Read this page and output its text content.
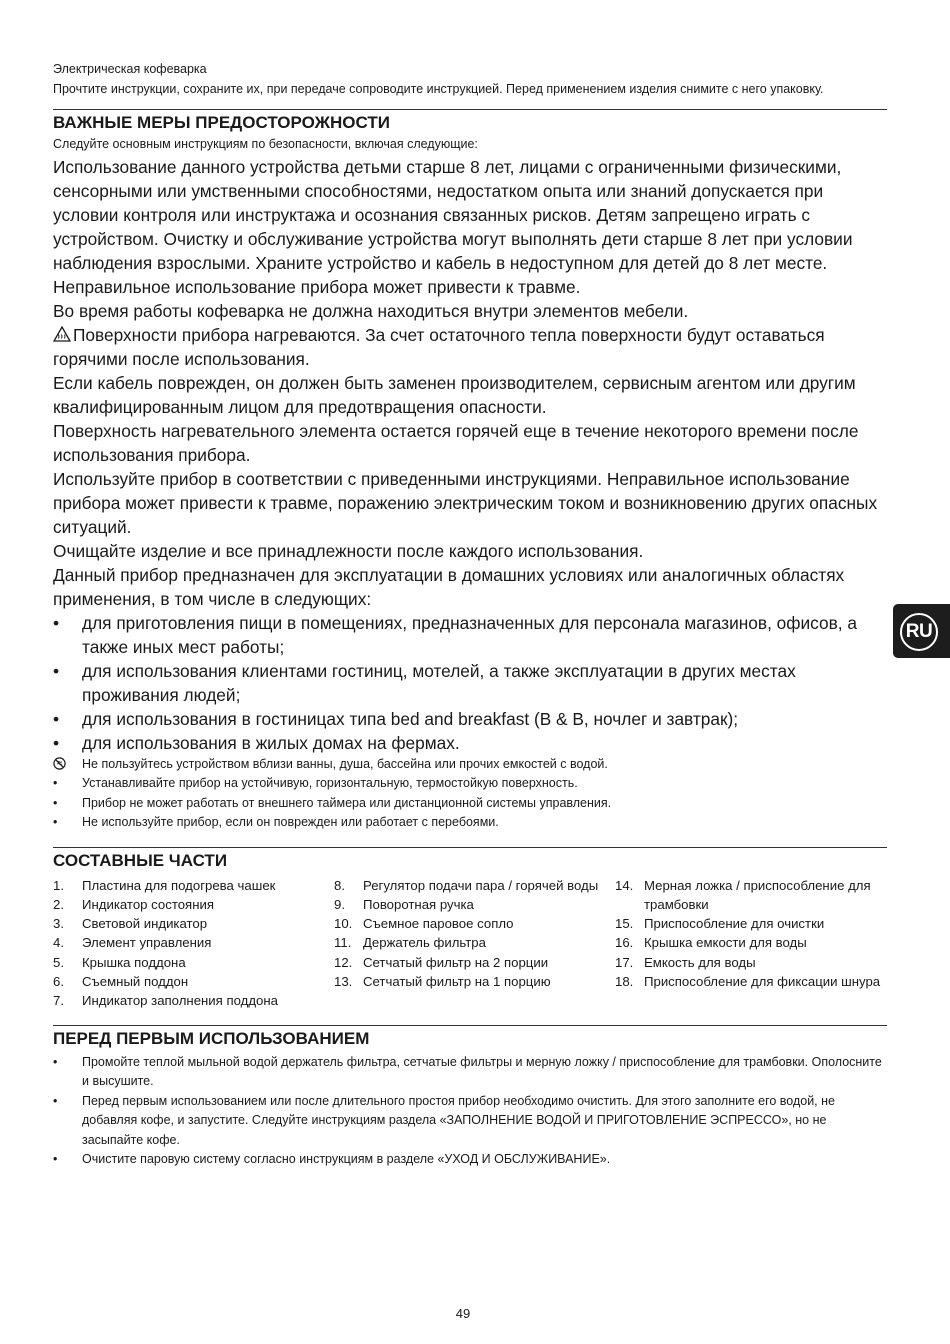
Электрическая кофеварка
Прочтите инструкции, сохраните их, при передаче сопроводите инструкцией. Перед применением изделия снимите с него упаковку.
ВАЖНЫЕ МЕРЫ ПРЕДОСТОРОЖНОСТИ
Следуйте основным инструкциям по безопасности, включая следующие:

Использование данного устройства детьми старше 8 лет, лицами с ограниченными физическими, сенсорными или умственными способностями, недостатком опыта или знаний допускается при условии контроля или инструктажа и осознания связанных рисков. Детям запрещено играть с устройством. Очистку и обслуживание устройства могут выполнять дети старше 8 лет при условии наблюдения взрослыми. Храните устройство и кабель в недоступном для детей до 8 лет месте.

Неправильное использование прибора может привести к травме.

Во время работы кофеварка не должна находиться внутри элементов мебели.

Поверхности прибора нагреваются. За счет остаточного тепла поверхности будут оставаться горячими после использования.

Если кабель поврежден, он должен быть заменен производителем, сервисным агентом или другим квалифицированным лицом для предотвращения опасности.

Поверхность нагревательного элемента остается горячей еще в течение некоторого времени после использования прибора.

Используйте прибор в соответствии с приведенными инструкциями. Неправильное использование прибора может привести к травме, поражению электрическим током и возникновению других опасных ситуаций.

Очищайте изделие и все принадлежности после каждого использования.

Данный прибор предназначен для эксплуатации в домашних условиях или аналогичных областях применения, в том числе в следующих:

•	для приготовления пищи в помещениях, предназначенных для персонала магазинов, офисов, а также иных мест работы;
•	для использования клиентами гостиниц, мотелей, а также эксплуатации в других местах проживания людей;
•	для использования в гостиницах типа bed and breakfast (B & B, ночлег и завтрак);
•	для использования в жилых домах на фермах.
Не пользуйтесь устройством вблизи ванны, душа, бассейна или прочих емкостей с водой.
•	Устанавливайте прибор на устойчивую, горизонтальную, термостойкую поверхность.
•	Прибор не может работать от внешнего таймера или дистанционной системы управления.
•	Не используйте прибор, если он поврежден или работает с перебоями.
СОСТАВНЫЕ ЧАСТИ
1.	Пластина для подогрева чашек
2.	Индикатор состояния
3.	Световой индикатор
4.	Элемент управления
5.	Крышка поддона
6.	Съемный поддон
7.	Индикатор заполнения поддона
8.	Регулятор подачи пара / горячей воды
9.	Поворотная ручка
10. Съемное паровое сопло
11. Держатель фильтра
12. Сетчатый фильтр на 2 порции
13. Сетчатый фильтр на 1 порцию
14. Мерная ложка / приспособление для трамбовки
15. Приспособление для очистки
16. Крышка емкости для воды
17. Емкость для воды
18. Приспособление для фиксации шнура
ПЕРЕД ПЕРВЫМ ИСПОЛЬЗОВАНИЕМ
•	Промойте теплой мыльной водой держатель фильтра, сетчатые фильтры и мерную ложку / приспособление для трамбовки. Ополосните и высушите.
•	Перед первым использованием или после длительного простоя прибор необходимо очистить. Для этого заполните его водой, не добавляя кофе, и запустите. Следуйте инструкциям раздела «ЗАПОЛНЕНИЕ ВОДОЙ И ПРИГОТОВЛЕНИЕ ЭСПРЕССО», но не засыпайте кофе.
•	Очистите паровую систему согласно инструкциям в разделе «УХОД И ОБСЛУЖИВАНИЕ».
RU
49
